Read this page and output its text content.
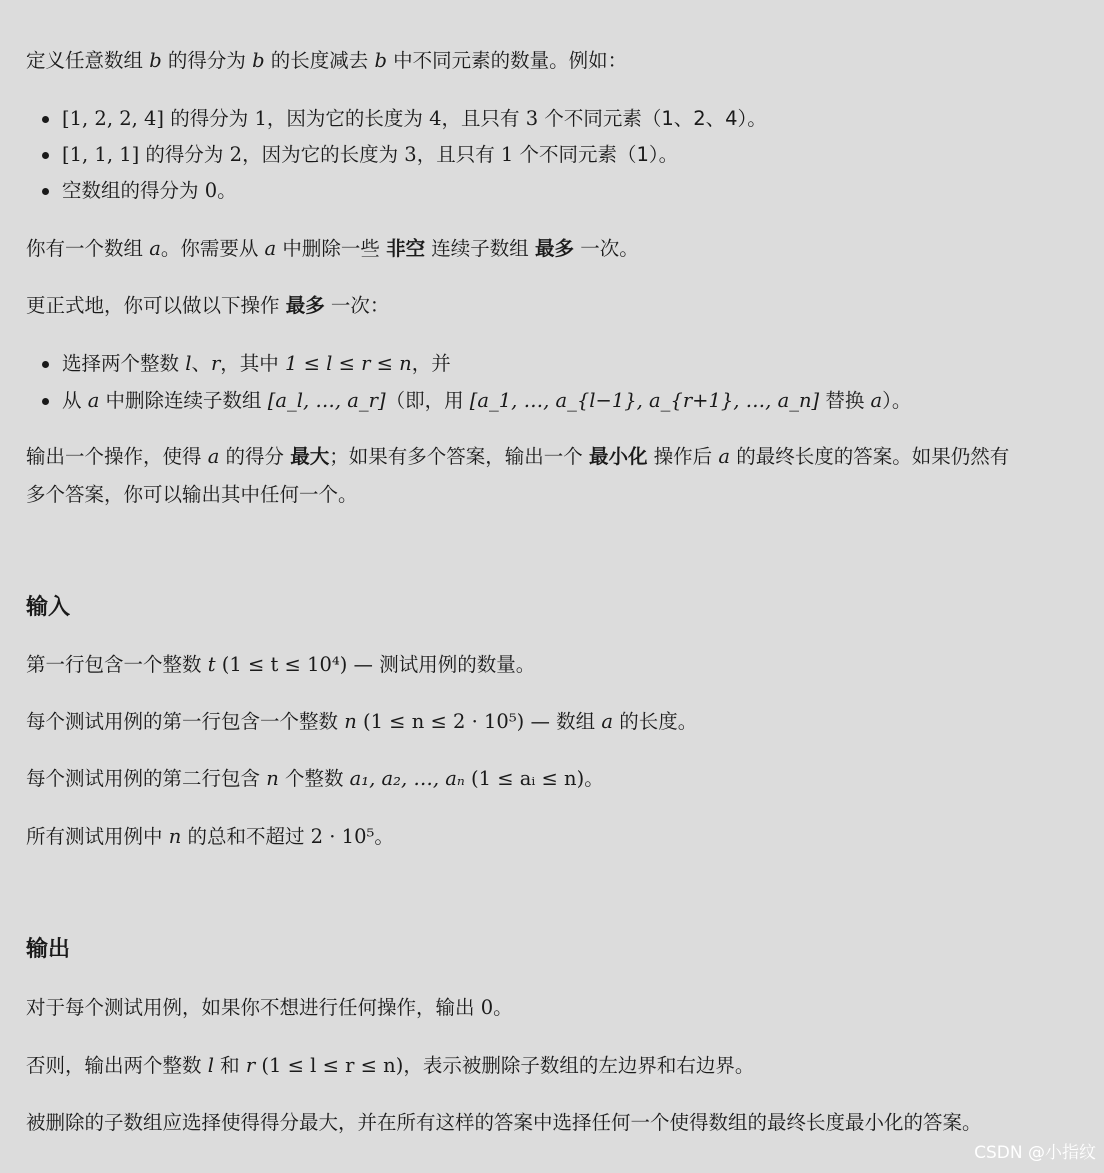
定义任意数组 b 的得分为 b 的长度减去 b 中不同元素的数量。例如：
[1, 2, 2, 4] 的得分为 1，因为它的长度为 4，且只有 3 个不同元素（1、2、4）。
[1, 1, 1] 的得分为 2，因为它的长度为 3，且只有 1 个不同元素（1）。
空数组的得分为 0。
你有一个数组 a。你需要从 a 中删除一些 非空 连续子数组 最多 一次。
更正式地，你可以做以下操作 最多 一次：
选择两个整数 l、r，其中 1 ≤ l ≤ r ≤ n，并
从 a 中删除连续子数组 [a_l, …, a_r]（即，用 [a_1, …, a_{l−1}, a_{r+1}, …, a_n] 替换 a）。
输出一个操作，使得 a 的得分 最大；如果有多个答案，输出一个 最小化 操作后 a 的最终长度的答案。如果仍然有
多个答案，你可以输出其中任何一个。
输入
第一行包含一个整数 t (1 ≤ t ≤ 10⁴) — 测试用例的数量。
每个测试用例的第一行包含一个整数 n (1 ≤ n ≤ 2 · 10⁵) — 数组 a 的长度。
每个测试用例的第二行包含 n 个整数 a₁, a₂, …, aₙ (1 ≤ aᵢ ≤ n)。
所有测试用例中 n 的总和不超过 2 · 10⁵。
输出
对于每个测试用例，如果你不想进行任何操作，输出 0。
否则，输出两个整数 l 和 r (1 ≤ l ≤ r ≤ n)，表示被删除子数组的左边界和右边界。
被删除的子数组应选择使得得分最大，并在所有这样的答案中选择任何一个使得数组的最终长度最小化的答案。
CSDN @小指纹
